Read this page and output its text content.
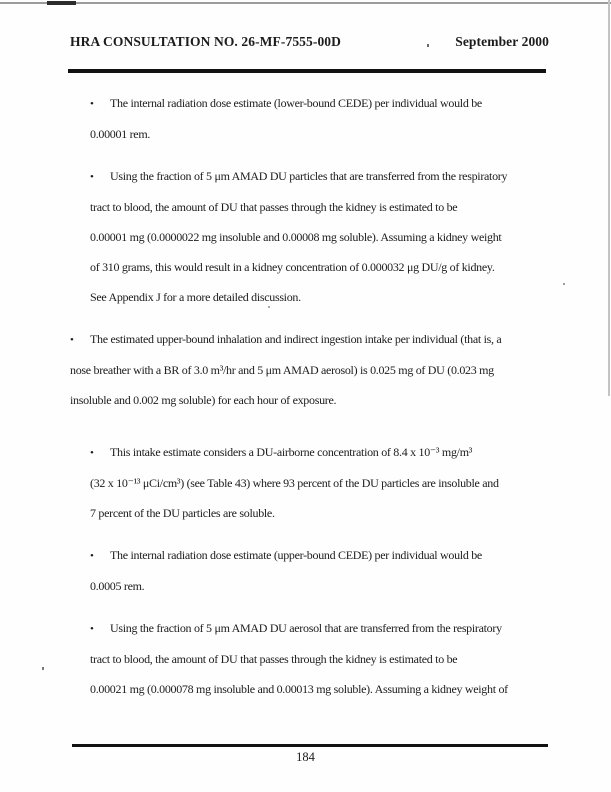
HRA CONSULTATION NO. 26-MF-7555-00D	September 2000
• The internal radiation dose estimate (lower-bound CEDE) per individual would be
0.00001 rem.
• Using the fraction of 5 μm AMAD DU particles that are transferred from the respiratory
tract to blood, the amount of DU that passes through the kidney is estimated to be
0.00001 mg (0.0000022 mg insoluble and 0.00008 mg soluble). Assuming a kidney weight
of 310 grams, this would result in a kidney concentration of 0.000032 μg DU/g of kidney.
See Appendix J for a more detailed discussion.
• The estimated upper-bound inhalation and indirect ingestion intake per individual (that is, a
nose breather with a BR of 3.0 m³/hr and 5 μm AMAD aerosol) is 0.025 mg of DU (0.023 mg
insoluble and 0.002 mg soluble) for each hour of exposure.
• This intake estimate considers a DU-airborne concentration of 8.4 x 10⁻³ mg/m³
(32 x 10⁻¹³ μCi/cm³) (see Table 43) where 93 percent of the DU particles are insoluble and
7 percent of the DU particles are soluble.
• The internal radiation dose estimate (upper-bound CEDE) per individual would be
0.0005 rem.
• Using the fraction of 5 μm AMAD DU aerosol that are transferred from the respiratory
tract to blood, the amount of DU that passes through the kidney is estimated to be
0.00021 mg (0.000078 mg insoluble and 0.00013 mg soluble). Assuming a kidney weight of
184
